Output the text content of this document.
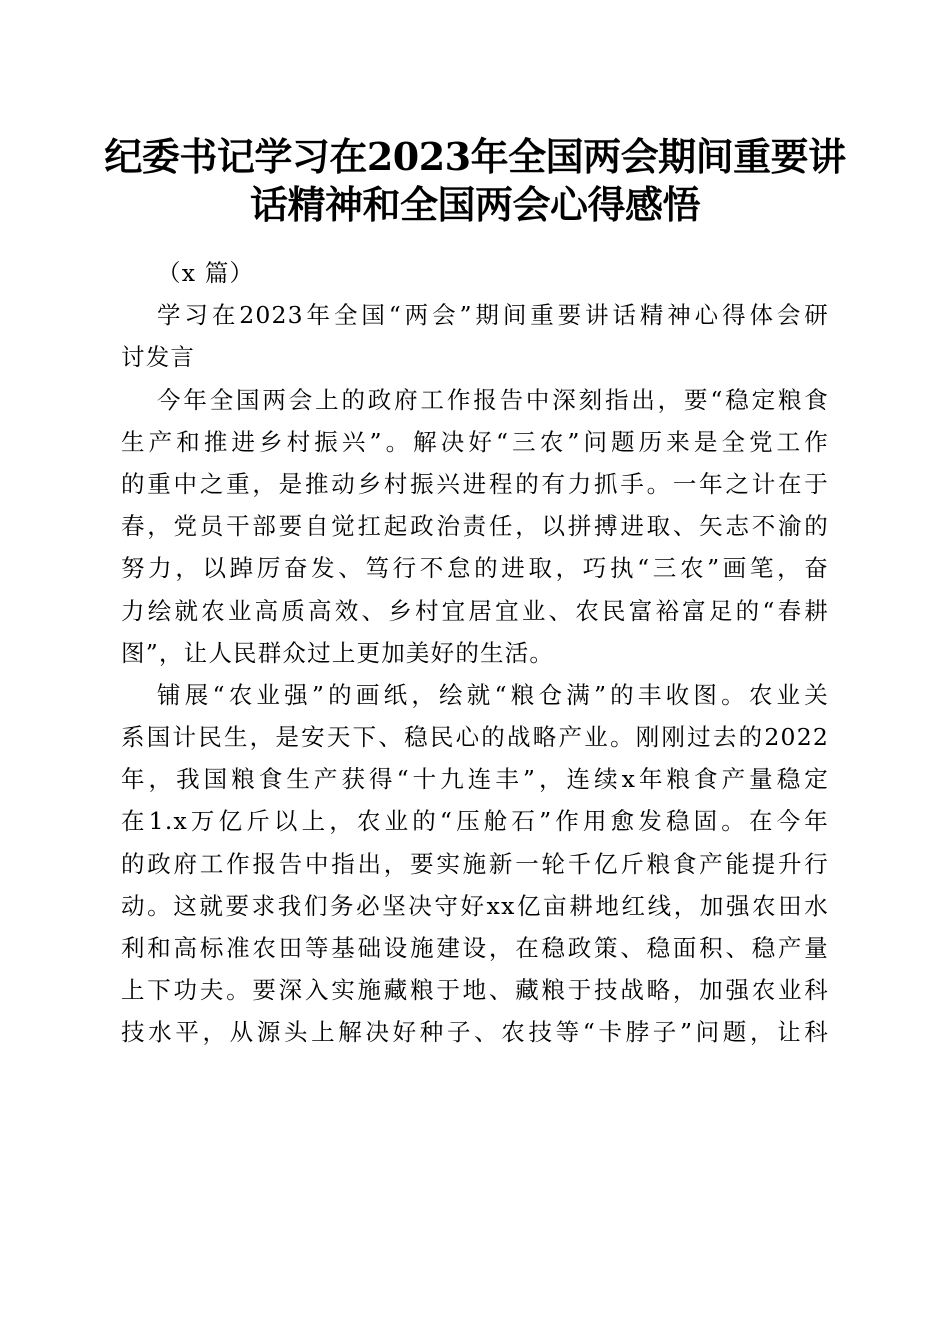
纪委书记学习在2023年全国两会期间重要讲
话精神和全国两会心得感悟
（x 篇）
学习在2023年全国“两会”期间重要讲话精神心得体会研
讨发言
今年全国两会上的政府工作报告中深刻指出，要“稳定粮食
生产和推进乡村振兴”。解决好“三农”问题历来是全党工作
的重中之重，是推动乡村振兴进程的有力抓手。一年之计在于
春，党员干部要自觉扛起政治责任，以拼搏进取、矢志不渝的
努力，以踔厉奋发、笃行不怠的进取，巧执“三农”画笔，奋
力绘就农业高质高效、乡村宜居宜业、农民富裕富足的“春耕
图”，让人民群众过上更加美好的生活。
铺展“农业强”的画纸，绘就“粮仓满”的丰收图。农业关
系国计民生，是安天下、稳民心的战略产业。刚刚过去的2022
年，我国粮食生产获得“十九连丰”，连续x年粮食产量稳定
在1.x万亿斤以上，农业的“压舱石”作用愈发稳固。在今年
的政府工作报告中指出，要实施新一轮千亿斤粮食产能提升行
动。这就要求我们务必坚决守好xx亿亩耕地红线，加强农田水
利和高标准农田等基础设施建设，在稳政策、稳面积、稳产量
上下功夫。要深入实施藏粮于地、藏粮于技战略，加强农业科
技水平，从源头上解决好种子、农技等“卡脖子”问题，让科
